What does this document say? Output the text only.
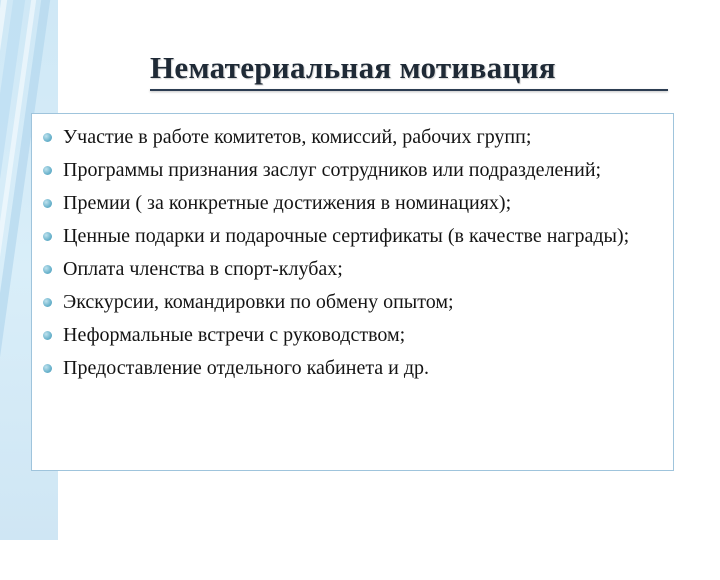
Нематериальная мотивация
Участие в работе комитетов, комиссий, рабочих групп;
Программы признания заслуг сотрудников или подразделений;
Премии ( за конкретные достижения в номинациях);
Ценные подарки и подарочные сертификаты (в качестве награды);
Оплата членства в спорт-клубах;
Экскурсии, командировки по обмену опытом;
Неформальные встречи с руководством;
Предоставление отдельного кабинета и др.
